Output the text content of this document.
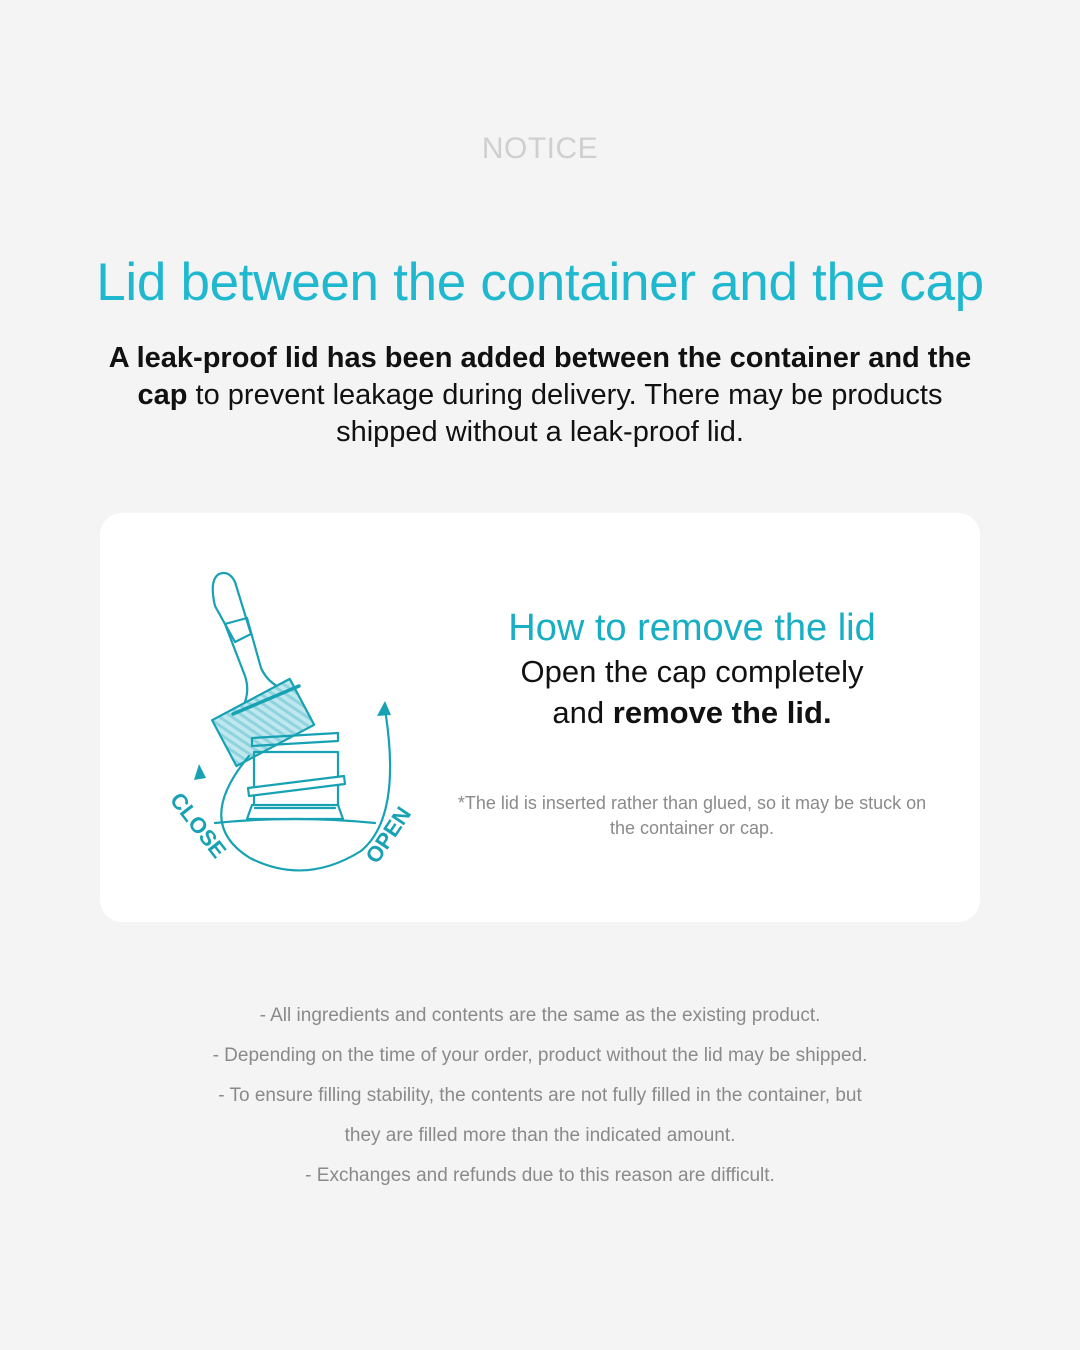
NOTICE
Lid between the container and the cap
A leak-proof lid has been added between the container and the cap to prevent leakage during delivery. There may be products shipped without a leak-proof lid.
CLOSE	OPEN
How to remove the lid
Open the cap completely
and remove the lid.
*The lid is inserted rather than glued, so it may be stuck on the container or cap.
- All ingredients and contents are the same as the existing product.
- Depending on the time of your order, product without the lid may be shipped.
- To ensure filling stability, the contents are not fully filled in the container, but
they are filled more than the indicated amount.
- Exchanges and refunds due to this reason are difficult.
